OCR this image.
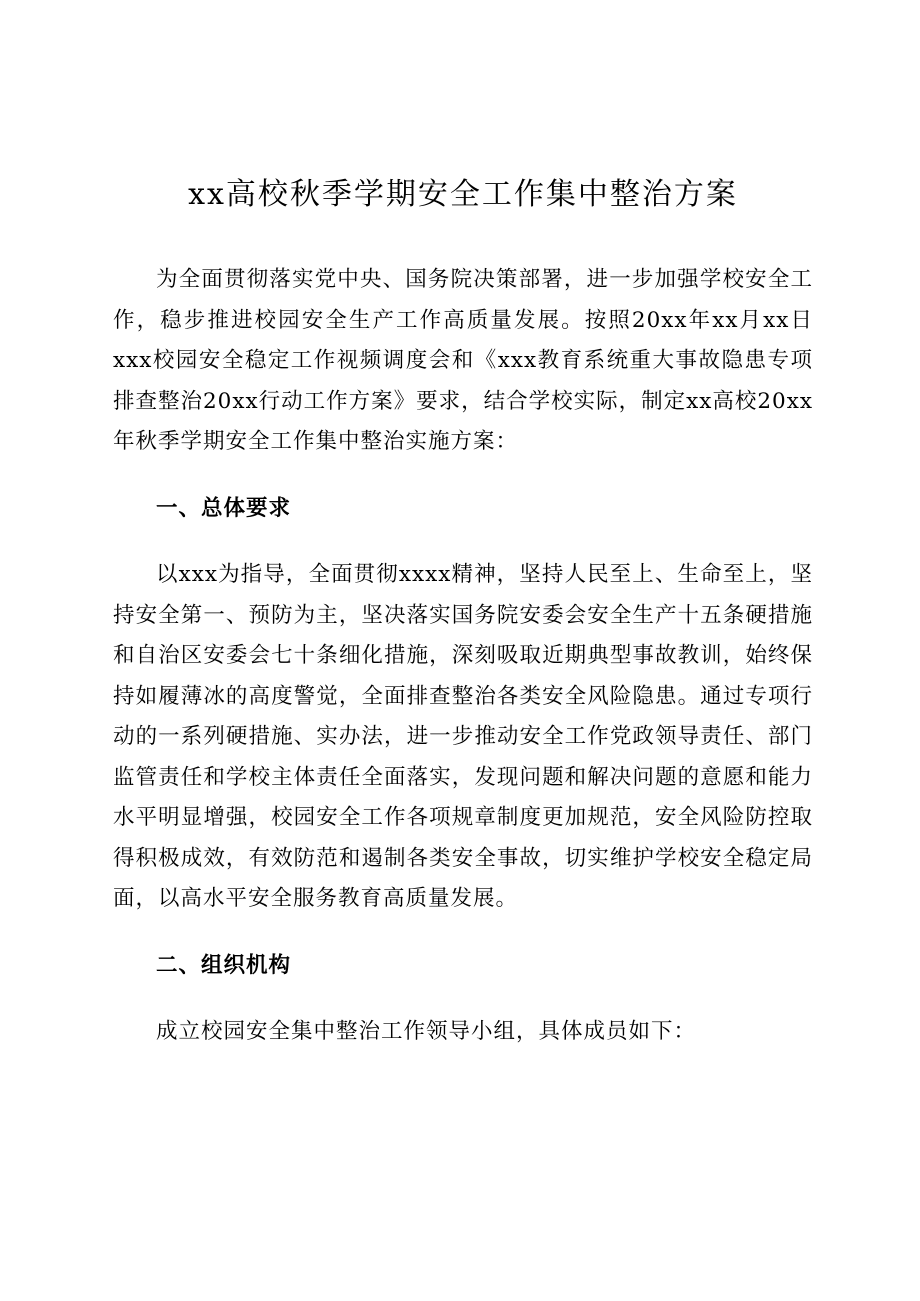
xx高校秋季学期安全工作集中整治方案

为全面贯彻落实党中央、国务院决策部署，进一步加强学校安全工作，稳步推进校园安全生产工作高质量发展。按照20xx年xx月xx日xxx校园安全稳定工作视频调度会和《xxx教育系统重大事故隐患专项排查整治20xx行动工作方案》要求，结合学校实际，制定xx高校20xx年秋季学期安全工作集中整治实施方案：

一、总体要求

以xxx为指导，全面贯彻xxxx精神，坚持人民至上、生命至上，坚持安全第一、预防为主，坚决落实国务院安委会安全生产十五条硬措施和自治区安委会七十条细化措施，深刻吸取近期典型事故教训，始终保持如履薄冰的高度警觉，全面排查整治各类安全风险隐患。通过专项行动的一系列硬措施、实办法，进一步推动安全工作党政领导责任、部门监管责任和学校主体责任全面落实，发现问题和解决问题的意愿和能力水平明显增强，校园安全工作各项规章制度更加规范，安全风险防控取得积极成效，有效防范和遏制各类安全事故，切实维护学校安全稳定局面，以高水平安全服务教育高质量发展。

二、组织机构

成立校园安全集中整治工作领导小组，具体成员如下：
